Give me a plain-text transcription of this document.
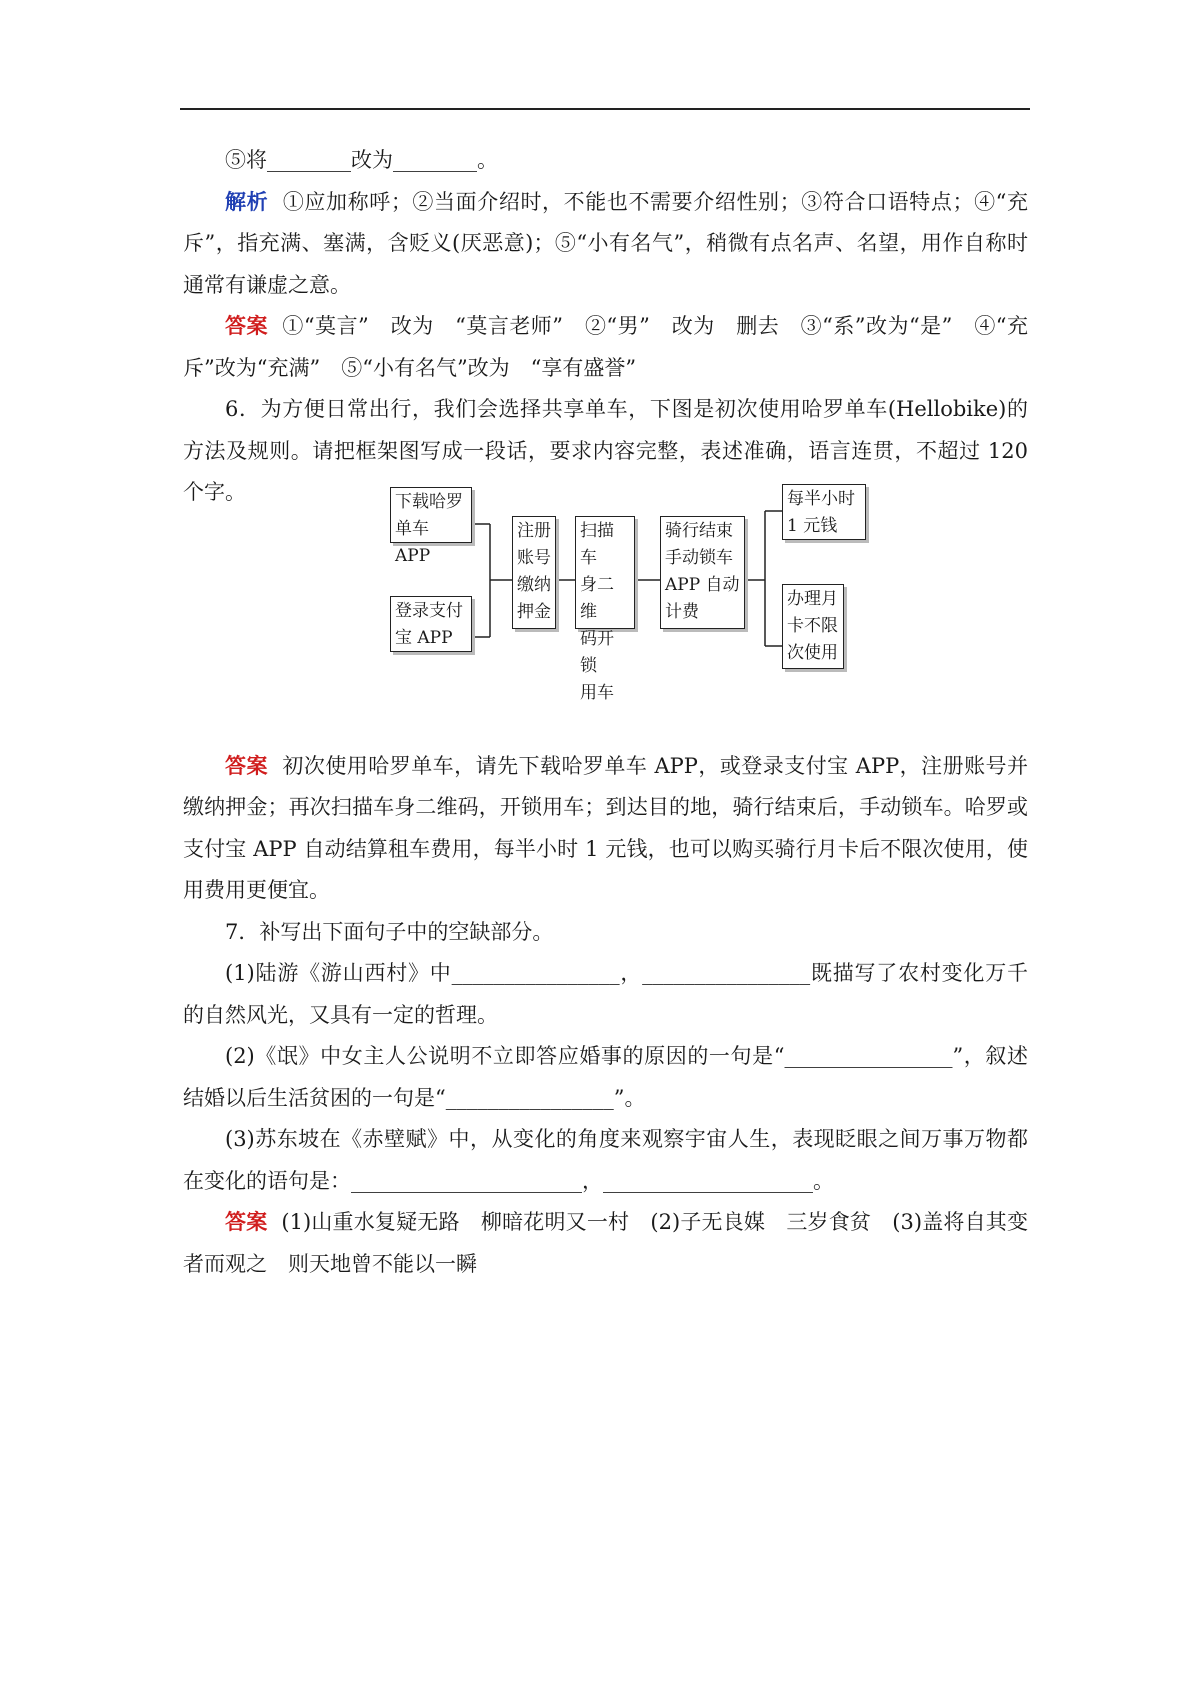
⑤将________改为________。

解析 ①应加称呼；②当面介绍时，不能也不需要介绍性别；③符合口语特点；④“充斥”，指充满、塞满，含贬义(厌恶意)；⑤“小有名气”，稍微有点名声、名望，用作自称时通常有谦虚之意。

答案 ①“莫言”　改为　“莫言老师”　②“男”　改为　删去　③“系”改为“是”　④“充斥”改为“充满”　⑤“小有名气”改为　“享有盛誉”

6．为方便日常出行，我们会选择共享单车，下图是初次使用哈罗单车(Hellobike)的方法及规则。请把框架图写成一段话，要求内容完整，表述准确，语言连贯，不超过 120 个字。

答案 初次使用哈罗单车，请先下载哈罗单车 APP，或登录支付宝 APP，注册账号并缴纳押金；再次扫描车身二维码，开锁用车；到达目的地，骑行结束后，手动锁车。哈罗或支付宝 APP 自动结算租车费用，每半小时 1 元钱，也可以购买骑行月卡后不限次使用，使用费用更便宜。

7．补写出下面句子中的空缺部分。

(1)陆游《游山西村》中________________，________________既描写了农村变化万千的自然风光，又具有一定的哲理。

(2)《氓》中女主人公说明不立即答应婚事的原因的一句是“________________”，叙述结婚以后生活贫困的一句是“________________”。

(3)苏东坡在《赤壁赋》中，从变化的角度来观察宇宙人生，表现眨眼之间万事万物都在变化的语句是：______________________，____________________。

答案 (1)山重水复疑无路　柳暗花明又一村　(2)子无良媒　三岁食贫　(3)盖将自其变者而观之　则天地曾不能以一瞬

下载哈罗
单车 APP
登录支付
宝 APP
注册
账号
缴纳
押金
扫描车
身二维
码开锁
用车
骑行结束
手动锁车
APP 自动
计费
每半小时
1 元钱
办理月
卡不限
次使用
